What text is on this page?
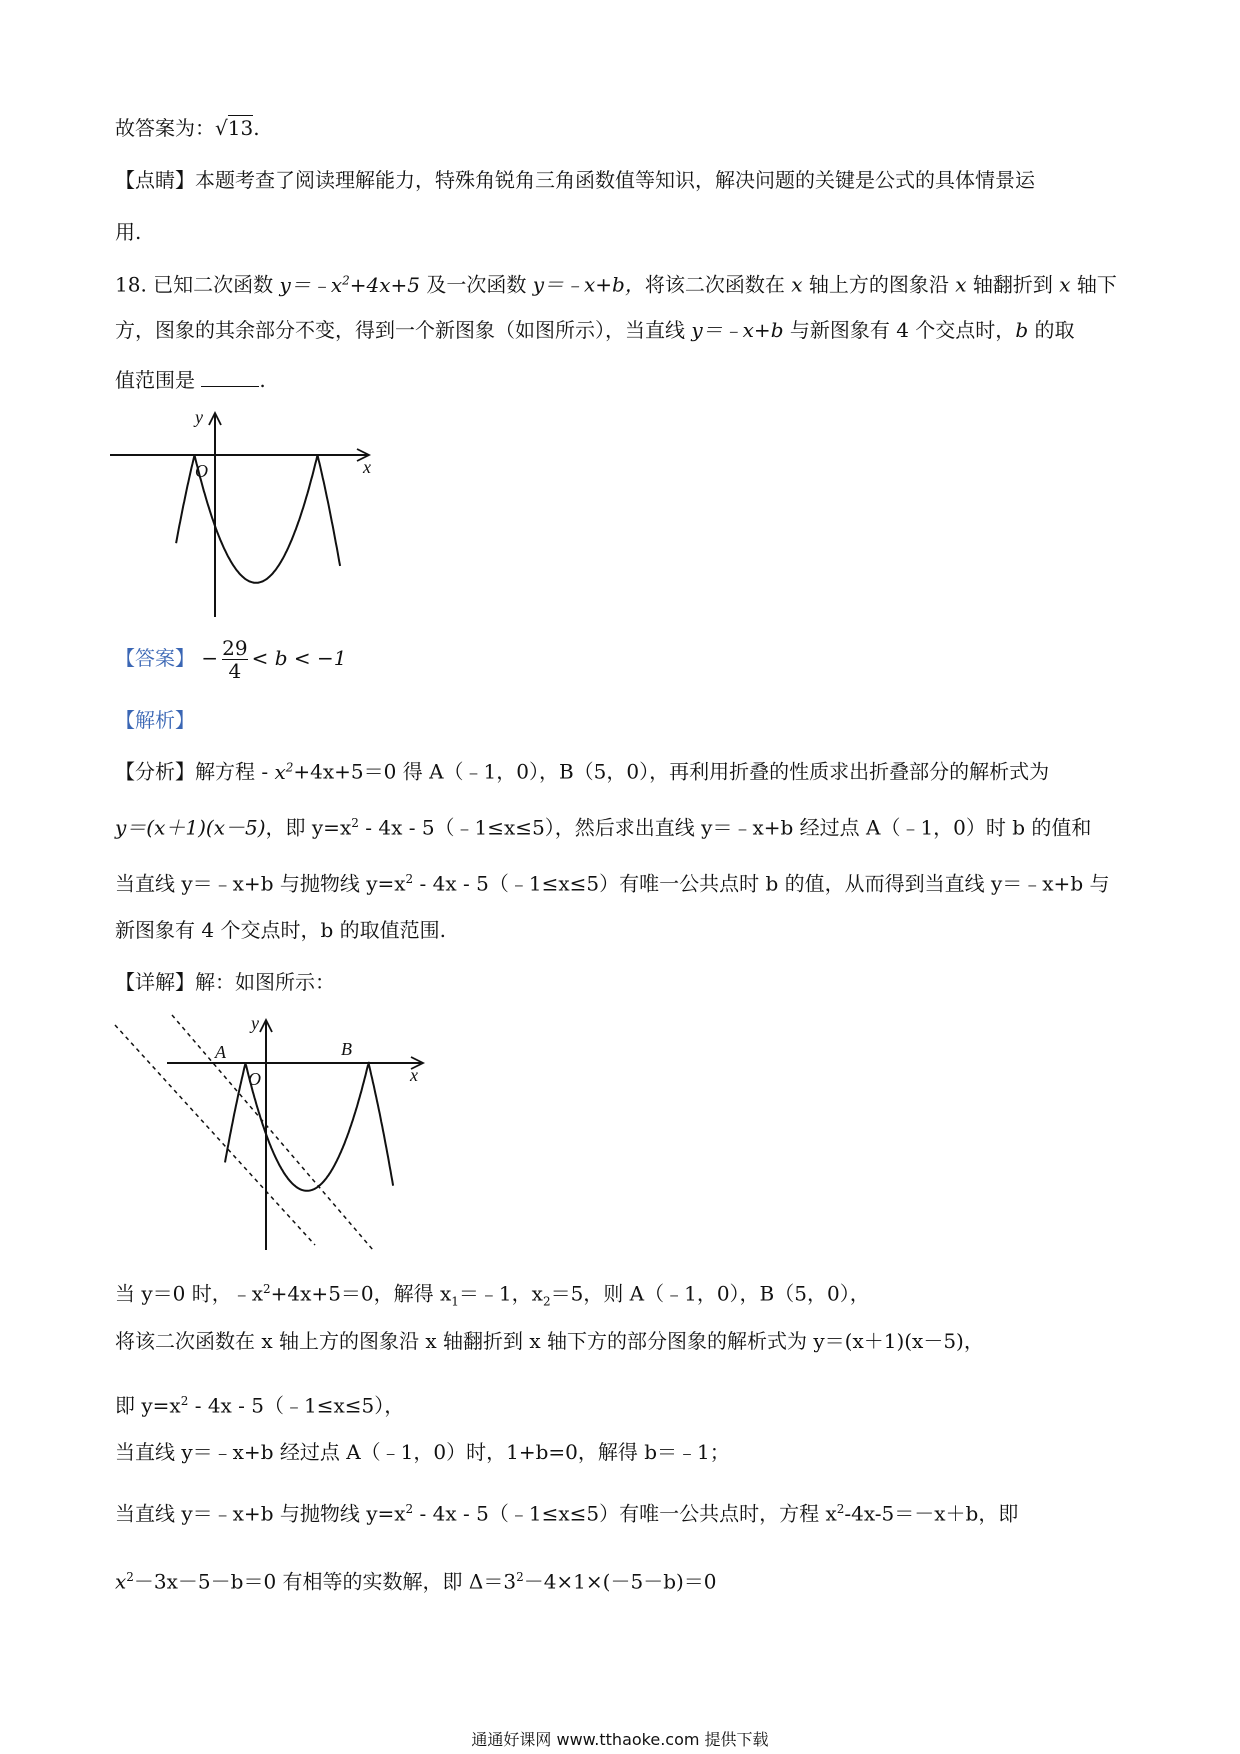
故答案为：√13.
【点睛】本题考查了阅读理解能力，特殊角锐角三角函数值等知识，解决问题的关键是公式的具体情景运
用.
18. 已知二次函数 $y=﹣x^2+4x+5$ 及一次函数 y＝﹣x+b，将该二次函数在 x 轴上方的图象沿 x 轴翻折到 x 轴下
方，图象的其余部分不变，得到一个新图象（如图所示），当直线 y＝﹣x+b 与新图象有 4 个交点时，b 的取
值范围是	.
y
x
O
【答案】 − $\frac{29}{4} < b < -1$
【解析】
【分析】解方程 - $x^2+4x+5=0$ 得 A（﹣1，0），B（5，0），再利用折叠的性质求出折叠部分的解析式为
y＝(x＋1)(x－5)，即 $y=x^2 - 4x$ - 5（﹣1≤x≤5），然后求出直线 y＝﹣x+b 经过点 A（﹣1，0）时 b 的值和
当直线 y＝﹣x+b 与抛物线 $y=x^2 - 4x$ - 5（﹣1≤x≤5）有唯一公共点时 b 的值，从而得到当直线 y＝﹣x+b 与
新图象有 4 个交点时，b 的取值范围.
【详解】解：如图所示：
y
x
O
A	B
当 y＝0 时，$﹣x^2+4x+5=0$，解得 $x_1=﹣1$，$x_2=5$，则 A（﹣1，0），B（5，0），
将该二次函数在 x 轴上方的图象沿 x 轴翻折到 x 轴下方的部分图象的解析式为 y＝(x＋1)(x－5)，
即 $y=x^2 - 4x$ - 5（﹣1≤x≤5），
当直线 y＝﹣x+b 经过点 A（﹣1，0）时，1+b=0，解得 b＝﹣1；
当直线 y＝﹣x+b 与抛物线 $y=x^2 - 4x$ - 5（﹣1≤x≤5）有唯一公共点时，方程 $x^2-4x-5=-x+b$，即
$x^2-3x-5-b=0$ 有相等的实数解，即 $\Delta=3^2-4\times 1\times(-5-b)=0$
通通好课网 www.tthaoke.com 提供下载
